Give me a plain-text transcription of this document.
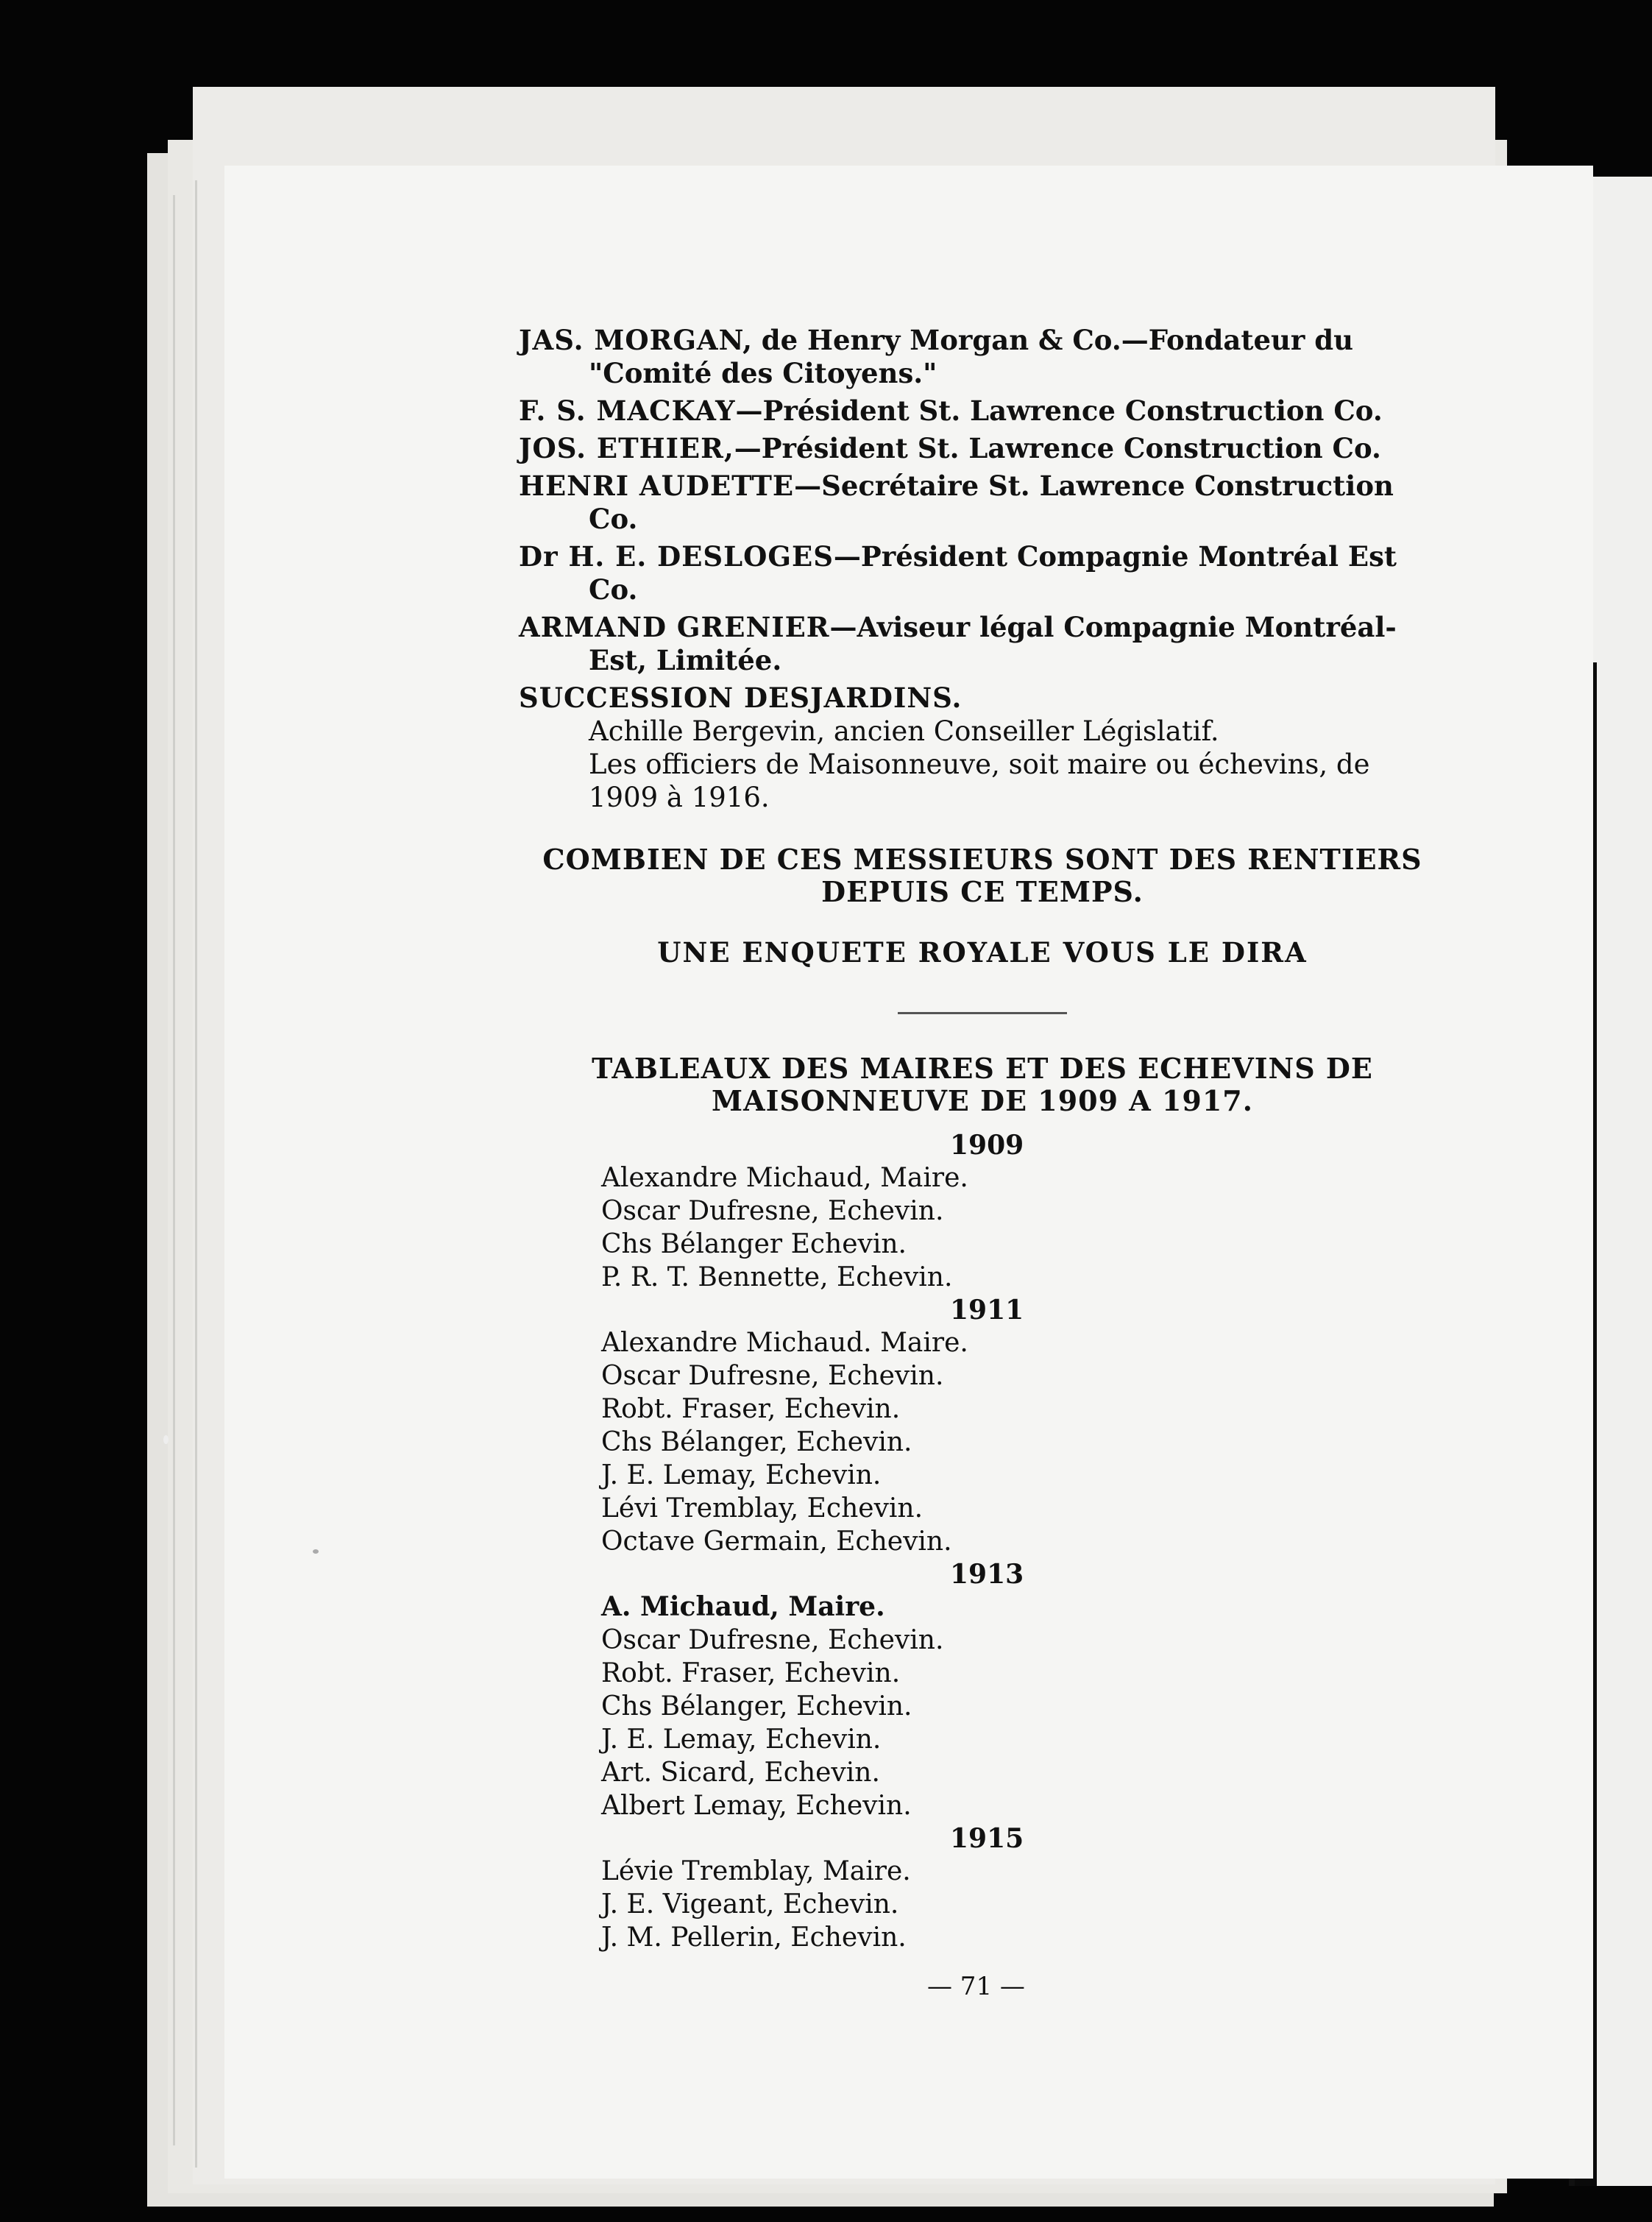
JAS. MORGAN, de Henry Morgan & Co.—Fondateur du "Comité des Citoyens."
F. S. MACKAY—Président St. Lawrence Construction Co.
JOS. ETHIER,—Président St. Lawrence Construction Co.
HENRI AUDETTE—Secrétaire St. Lawrence Construction Co.
Dr H. E. DESLOGES—Président Compagnie Montréal Est Co.
ARMAND GRENIER—Aviseur légal Compagnie Montréal-Est, Limitée.
SUCCESSION DESJARDINS.

Achille Bergevin, ancien Conseiller Législatif.

Les officiers de Maisonneuve, soit maire ou échevins, de 1909 à 1916.

COMBIEN DE CES MESSIEURS SONT DES RENTIERS DEPUIS CE TEMPS.

UNE ENQUETE ROYALE VOUS LE DIRA

TABLEAUX DES MAIRES ET DES ECHEVINS DE MAISONNEUVE DE 1909 A 1917.

1909
Alexandre Michaud, Maire.
Oscar Dufresne, Echevin.
Chs Bélanger Echevin.
P. R. T. Bennette, Echevin.
1911
Alexandre Michaud. Maire.
Oscar Dufresne, Echevin.
Robt. Fraser, Echevin.
Chs Bélanger, Echevin.
J. E. Lemay, Echevin.
Lévi Tremblay, Echevin.
Octave Germain, Echevin.
1913
A. Michaud, Maire.
Oscar Dufresne, Echevin.
Robt. Fraser, Echevin.
Chs Bélanger, Echevin.
J. E. Lemay, Echevin.
Art. Sicard, Echevin.
Albert Lemay, Echevin.
1915
Lévie Tremblay, Maire.
J. E. Vigeant, Echevin.
J. M. Pellerin, Echevin.
— 71 —
